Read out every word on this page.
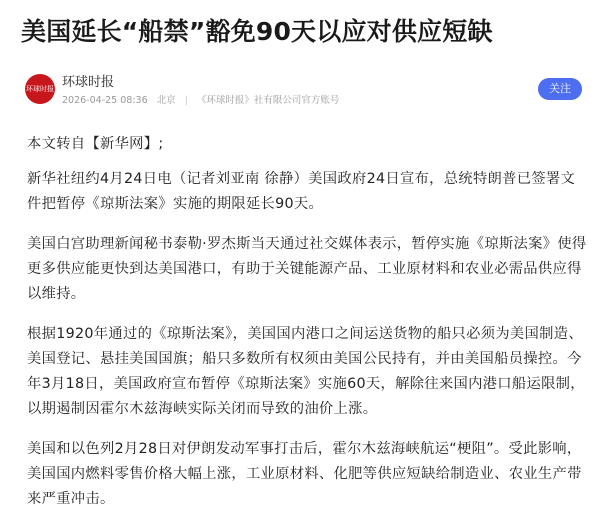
美国延长“船禁”豁免90天以应对供应短缺
环球时报 环球时报
2026-04-25 08:36 北京 | 《环球时报》社有限公司官方账号
关注

本文转自【新华网】;

新华社纽约4月24日电（记者刘亚南 徐静）美国政府24日宣布，总统特朗普已签署文件把暂停《琼斯法案》实施的期限延长90天。

美国白宫助理新闻秘书泰勒·罗杰斯当天通过社交媒体表示，暂停实施《琼斯法案》使得更多供应能更快到达美国港口，有助于关键能源产品、工业原材料和农业必需品供应得以维持。

根据1920年通过的《琼斯法案》，美国国内港口之间运送货物的船只必须为美国制造、美国登记、悬挂美国国旗；船只多数所有权须由美国公民持有，并由美国船员操控。今年3月18日，美国政府宣布暂停《琼斯法案》实施60天，解除往来国内港口船运限制，以期遏制因霍尔木兹海峡实际关闭而导致的油价上涨。

美国和以色列2月28日对伊朗发动军事打击后，霍尔木兹海峡航运“梗阻”。受此影响，美国国内燃料零售价格大幅上涨，工业原材料、化肥等供应短缺给制造业、农业生产带来严重冲击。
